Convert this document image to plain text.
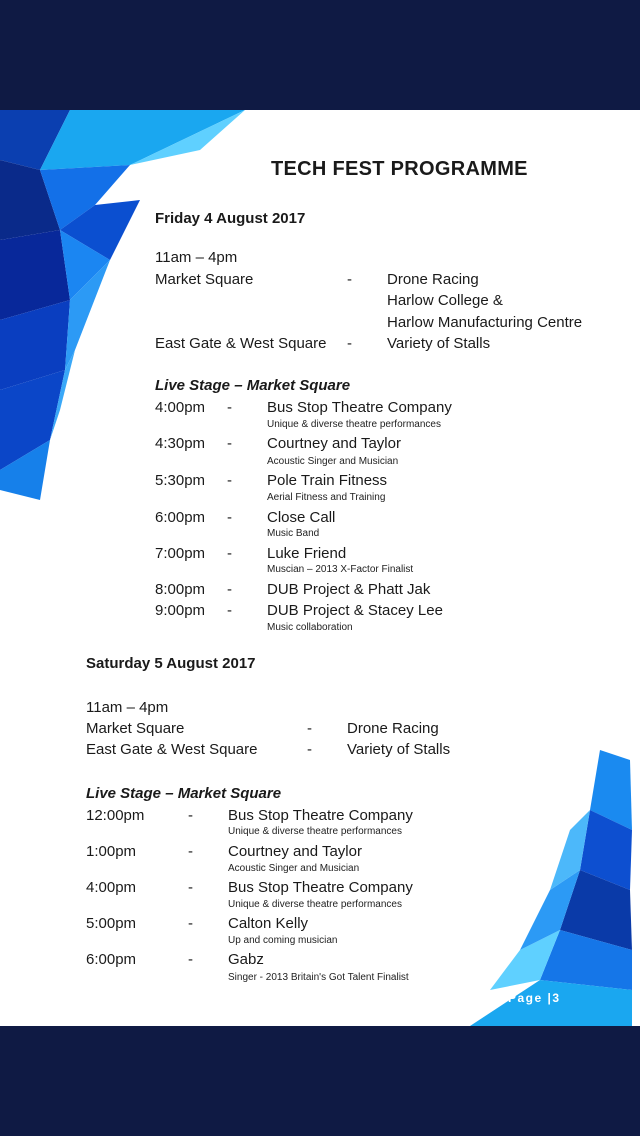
TECH FEST PROGRAMME
Friday 4 August 2017
11am – 4pm
Market Square	- Drone Racing
Harlow College &
Harlow Manufacturing Centre
East Gate & West Square - Variety of Stalls
Live Stage – Market Square
4:00pm - Bus Stop Theatre Company
Unique & diverse theatre performances
4:30pm - Courtney and Taylor
Acoustic Singer and Musician
5:30pm - Pole Train Fitness
Aerial Fitness and Training
6:00pm - Close Call
Music Band
7:00pm - Luke Friend
Muscian – 2013 X-Factor Finalist
8:00pm - DUB Project & Phatt Jak
9:00pm - DUB Project & Stacey Lee
Music collaboration
Saturday 5 August 2017
11am – 4pm
Market Square	- Drone Racing
East Gate & West Square	- Variety of Stalls
Live Stage – Market Square
12:00pm	- Bus Stop Theatre Company
Unique & diverse theatre performances
1:00pm	- Courtney and Taylor
Acoustic Singer and Musician
4:00pm	- Bus Stop Theatre Company
Unique & diverse theatre performances
5:00pm	- Calton Kelly
Up and coming musician
6:00pm	- Gabz
Singer - 2013 Britain's Got Talent Finalist
Page |3
